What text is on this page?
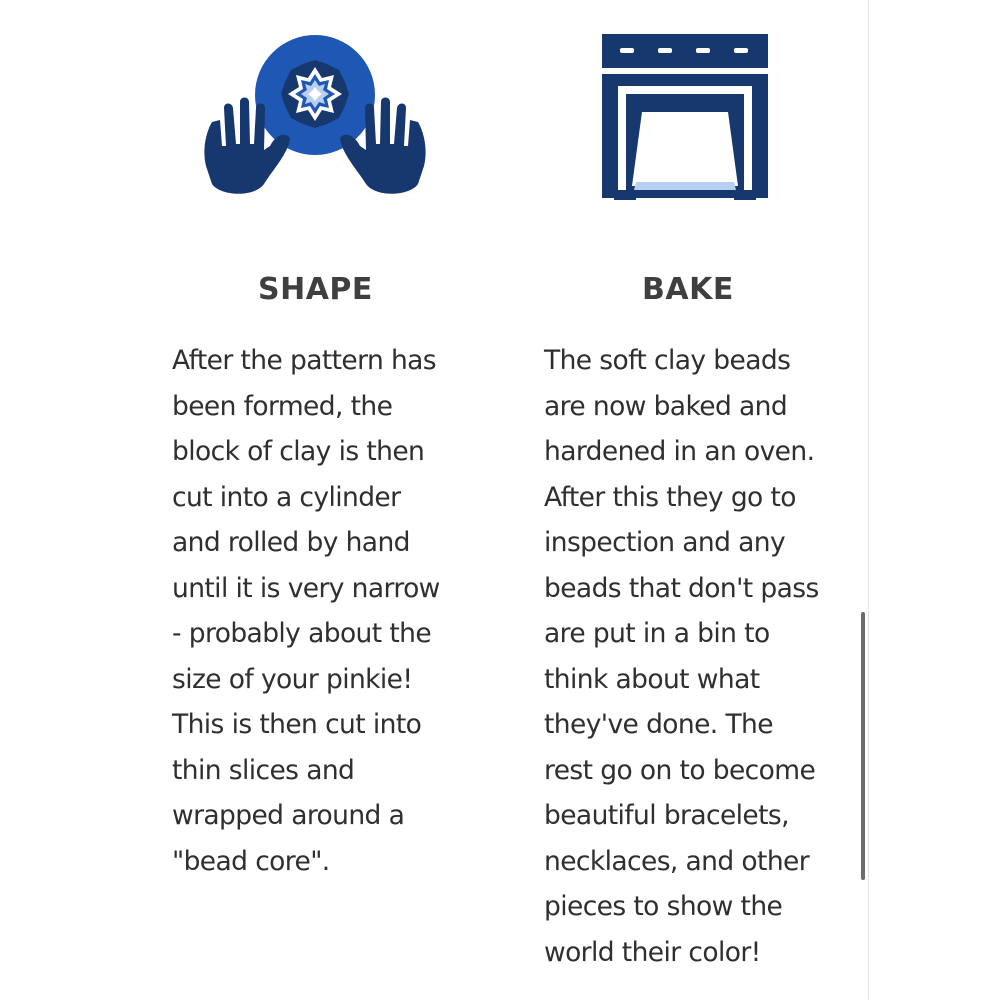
SHAPE

After the pattern has
been formed, the
block of clay is then
cut into a cylinder
and rolled by hand
until it is very narrow
- probably about the
size of your pinkie!
This is then cut into
thin slices and
wrapped around a
"bead core".

BAKE

The soft clay beads
are now baked and
hardened in an oven.
After this they go to
inspection and any
beads that don't pass
are put in a bin to
think about what
they've done. The
rest go on to become
beautiful bracelets,
necklaces, and other
pieces to show the
world their color!
